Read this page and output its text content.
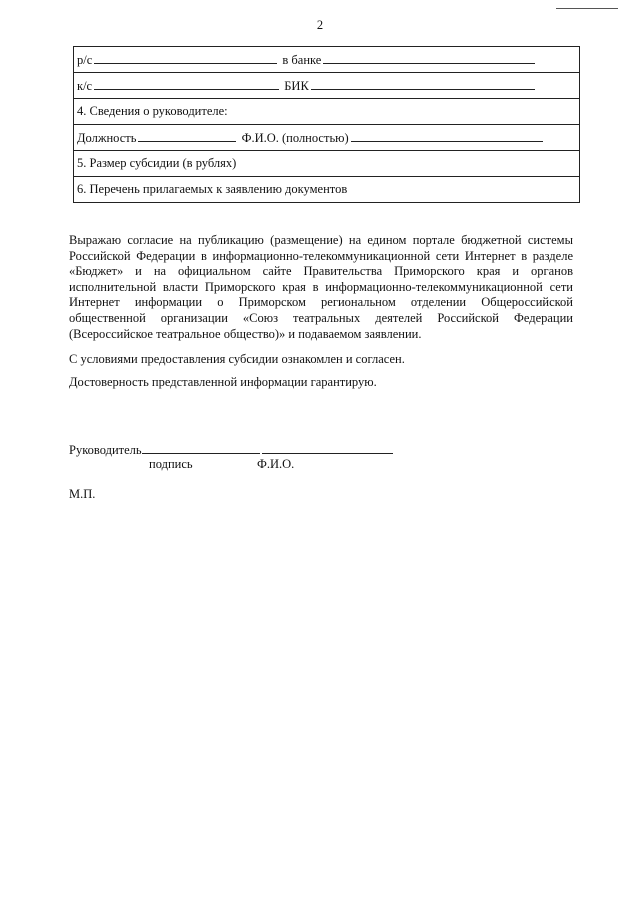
2
р/с	в банке
к/с	БИК
4. Сведения о руководителе:
Должность	Ф.И.О. (полностью)
5. Размер субсидии (в рублях)
6. Перечень прилагаемых к заявлению документов
Выражаю согласие на публикацию (размещение) на едином портале бюджетной системы Российской Федерации в информационно-телекоммуникационной сети Интернет в разделе «Бюджет» и на официальном сайте Правительства Приморского края и органов исполнительной власти Приморского края в информационно-телекоммуникационной сети Интернет информации о Приморском региональном отделении Общероссийской общественной организации «Союз театральных деятелей Российской Федерации (Всероссийское театральное общество)» и подаваемом заявлении.
С условиями предоставления субсидии ознакомлен и согласен.
Достоверность представленной информации гарантирую.
Руководитель
подпись	Ф.И.О.
М.П.
